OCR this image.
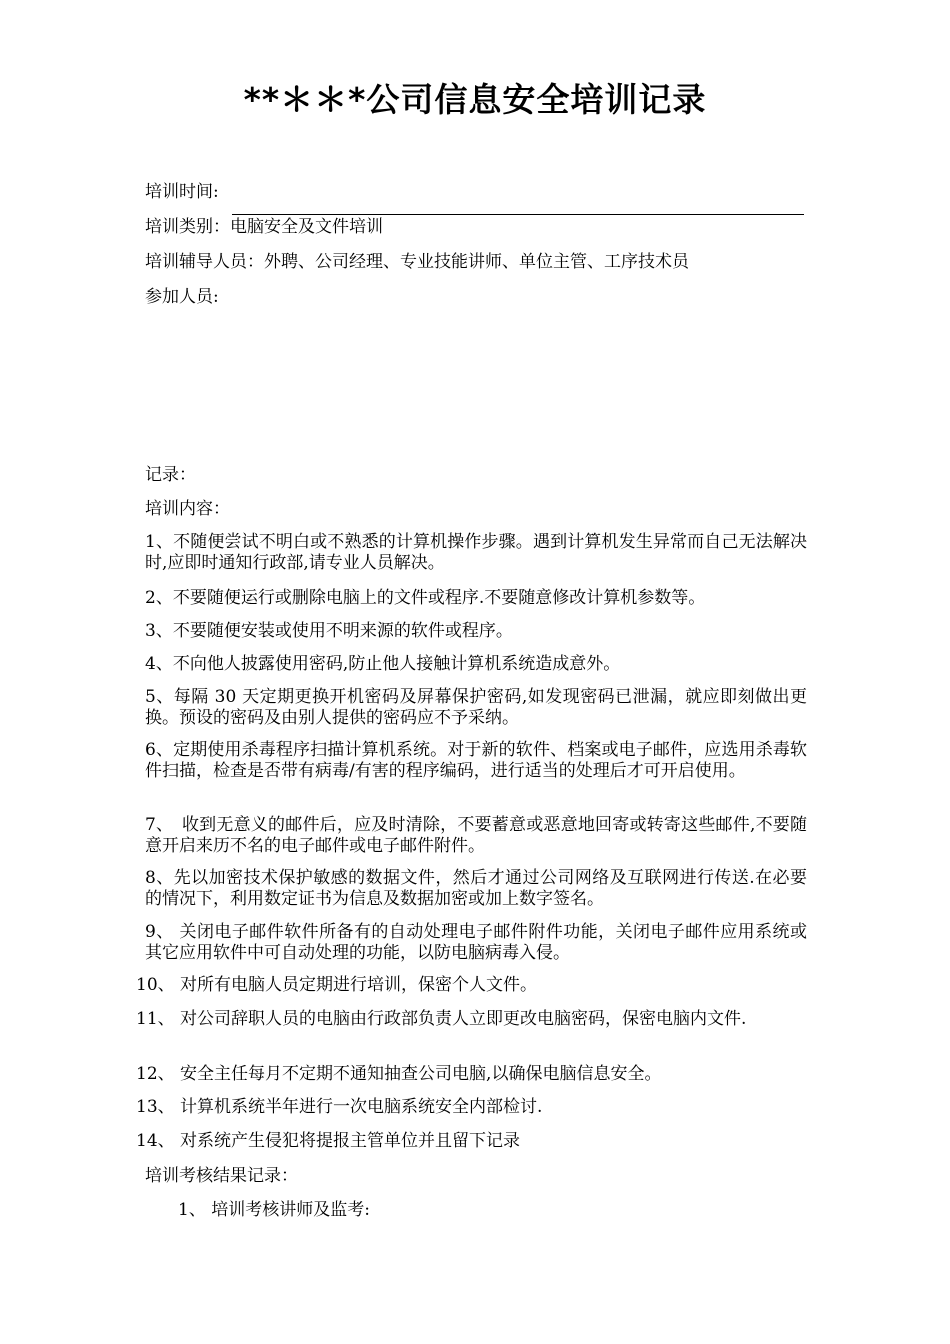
**＊＊*公司信息安全培训记录
培训时间:
培训类别：电脑安全及文件培训
培训辅导人员：外聘、公司经理、专业技能讲师、单位主管、工序技术员
参加人员:
记录：
培训内容：
1、不随便尝试不明白或不熟悉的计算机操作步骤。遇到计算机发生异常而自己无法解决时,应即时通知行政部,请专业人员解决。
2、不要随便运行或删除电脑上的文件或程序.不要随意修改计算机参数等。
3、不要随便安装或使用不明来源的软件或程序。
4、不向他人披露使用密码,防止他人接触计算机系统造成意外。
5、每隔 30 天定期更换开机密码及屏幕保护密码,如发现密码已泄漏，就应即刻做出更换。预设的密码及由别人提供的密码应不予采纳。
6、定期使用杀毒程序扫描计算机系统。对于新的软件、档案或电子邮件，应选用杀毒软件扫描，检查是否带有病毒/有害的程序编码，进行适当的处理后才可开启使用。
7、　收到无意义的邮件后，应及时清除，不要蓄意或恶意地回寄或转寄这些邮件,不要随意开启来历不名的电子邮件或电子邮件附件。
8、先以加密技术保护敏感的数据文件，然后才通过公司网络及互联网进行传送.在必要的情况下，利用数定证书为信息及数据加密或加上数字签名。
9、 关闭电子邮件软件所备有的自动处理电子邮件附件功能，关闭电子邮件应用系统或其它应用软件中可自动处理的功能，以防电脑病毒入侵。
10、 对所有电脑人员定期进行培训，保密个人文件。
11、 对公司辞职人员的电脑由行政部负责人立即更改电脑密码，保密电脑内文件.
12、 安全主任每月不定期不通知抽查公司电脑,以确保电脑信息安全。
13、 计算机系统半年进行一次电脑系统安全内部检讨.
14、 对系统产生侵犯将提报主管单位并且留下记录
培训考核结果记录：
1、 培训考核讲师及监考:
